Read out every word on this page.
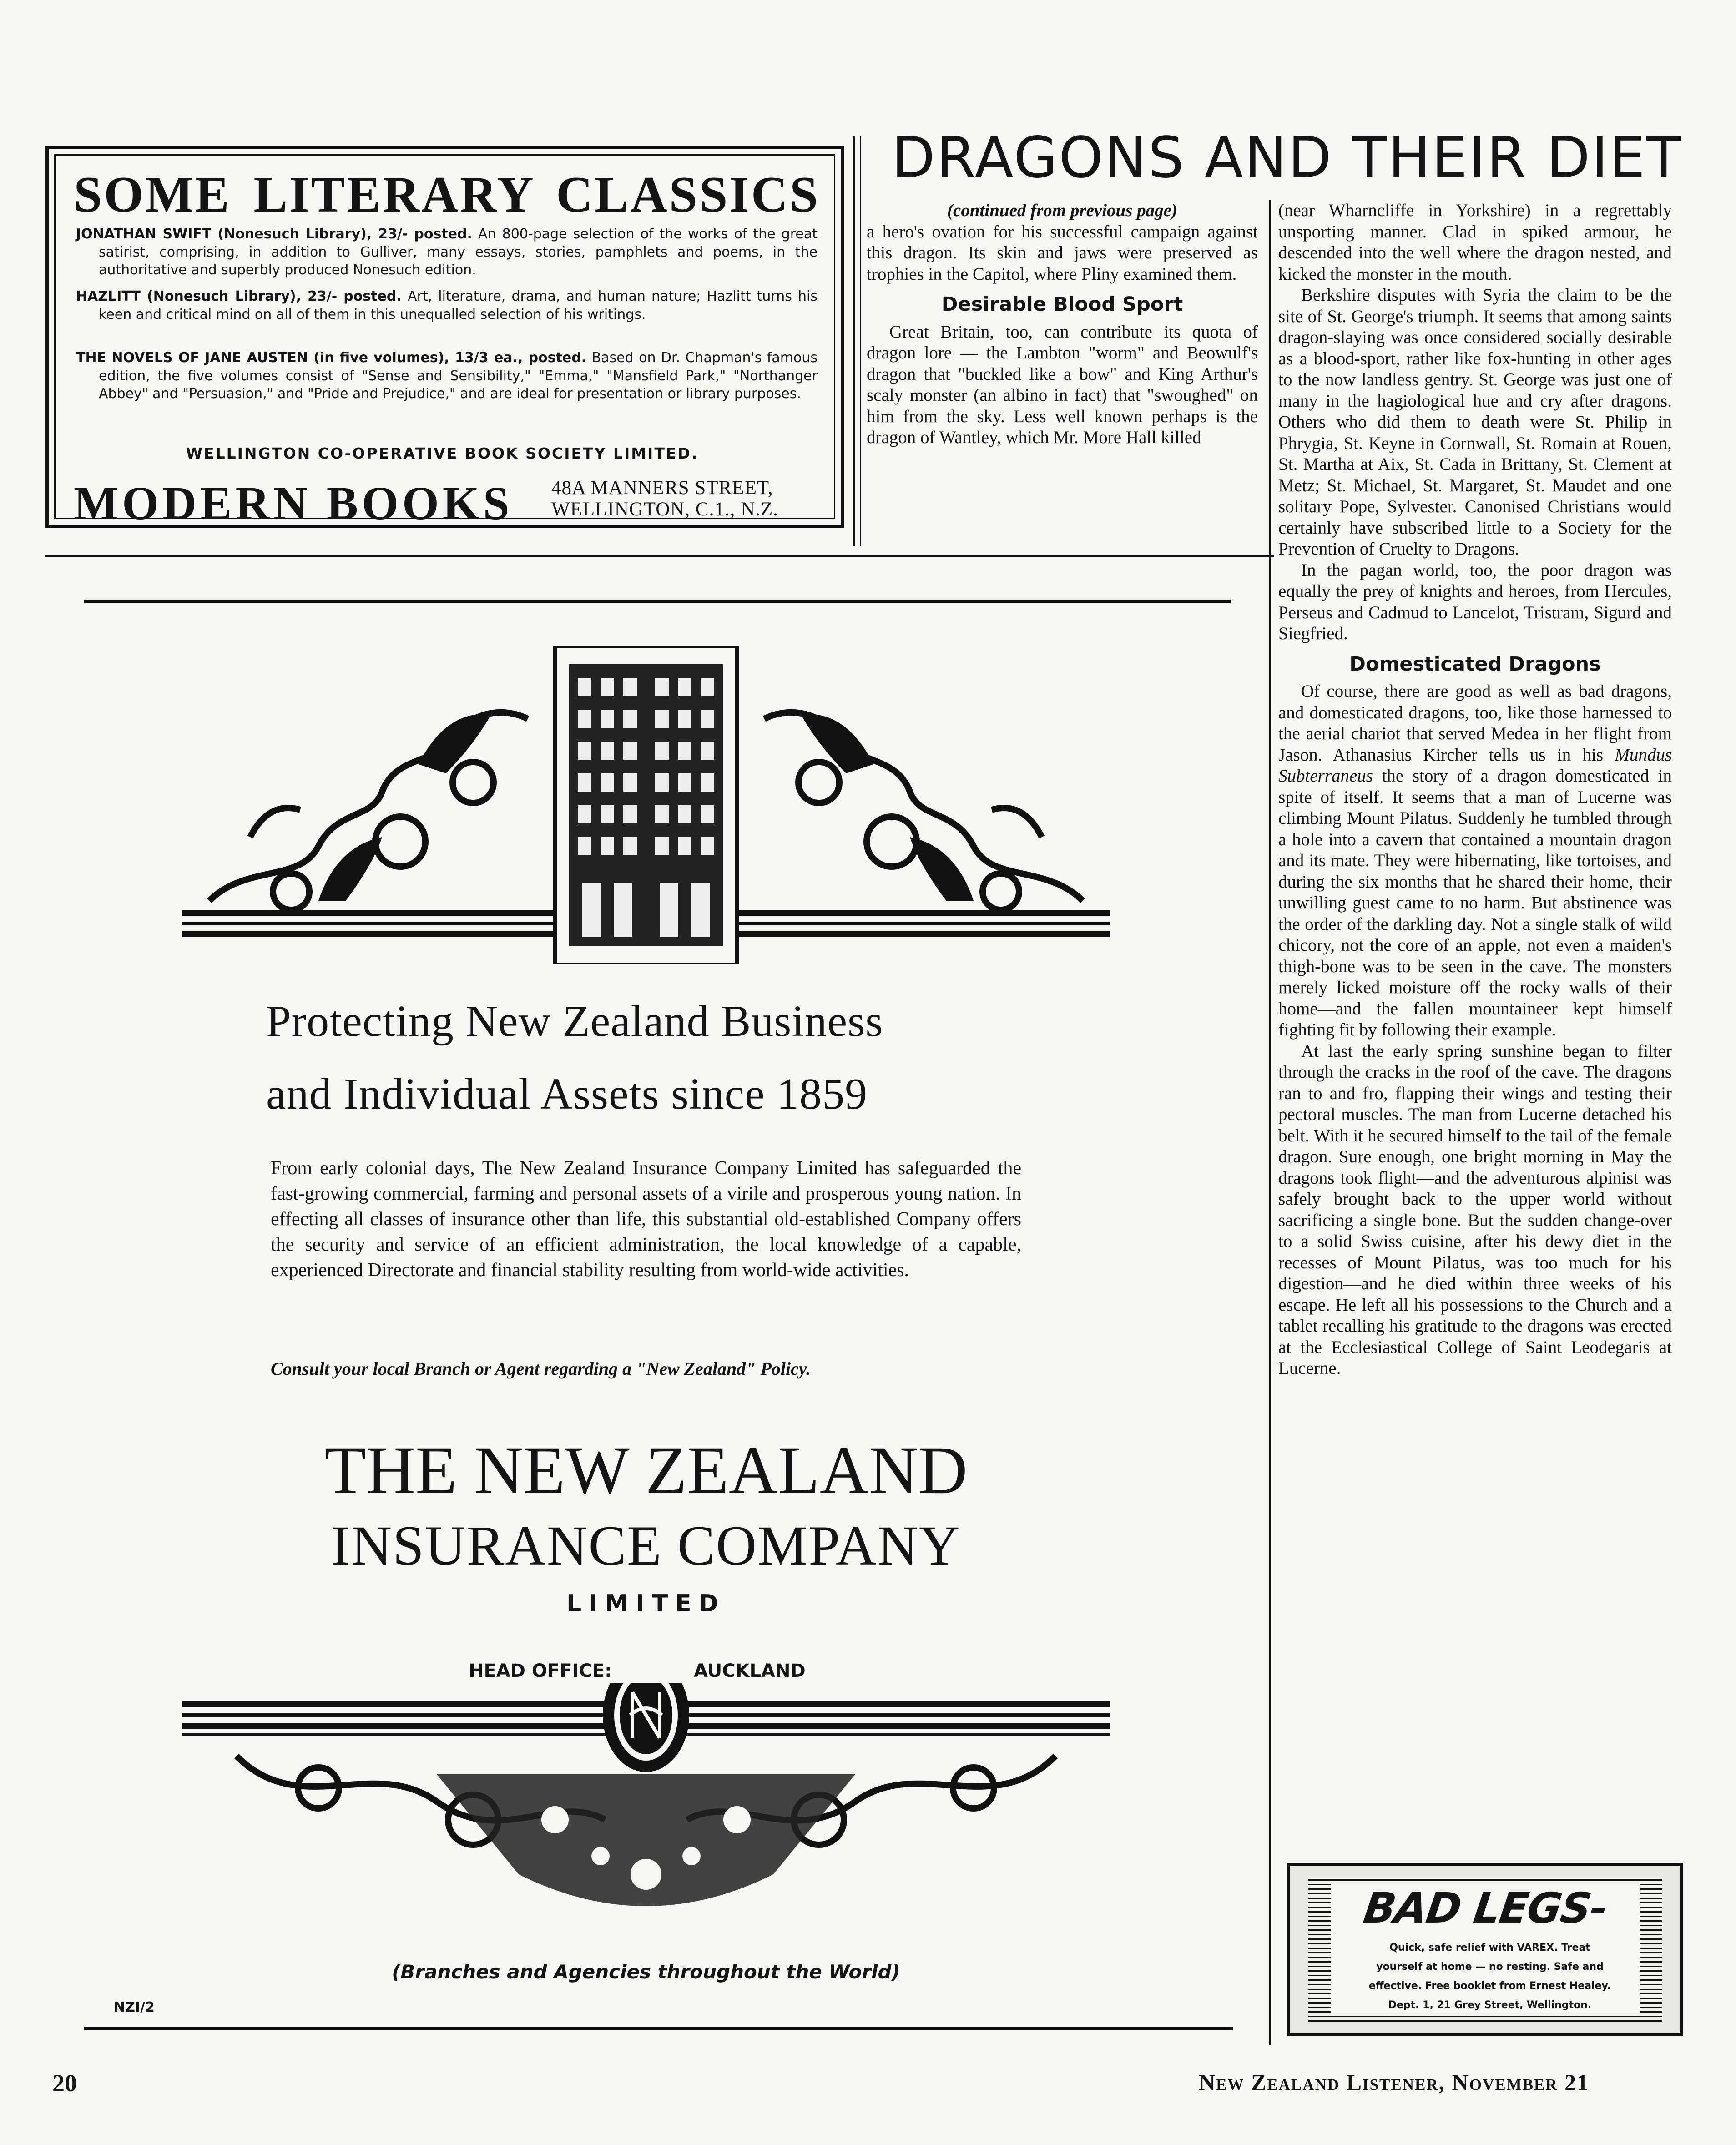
SOME LITERARY CLASSICS
JONATHAN SWIFT (Nonesuch Library), 23/- posted. An 800-page selection of the works of the great satirist, comprising, in addition to Gulliver, many essays, stories, pamphlets and poems, in the authoritative and superbly produced Nonesuch edition.
HAZLITT (Nonesuch Library), 23/- posted. Art, literature, drama, and human nature; Hazlitt turns his keen and critical mind on all of them in this unequalled selection of his writings.
THE NOVELS OF JANE AUSTEN (in five volumes), 13/3 ea., posted. Based on Dr. Chapman's famous edition, the five volumes consist of "Sense and Sensibility," "Emma," "Mansfield Park," "Northanger Abbey" and "Persuasion," and "Pride and Prejudice," and are ideal for presentation or library purposes.
WELLINGTON CO-OPERATIVE BOOK SOCIETY LIMITED.
MODERN BOOKS 48A MANNERS STREET,
WELLINGTON, C.1., N.Z.
DRAGONS AND THEIR DIET

(continued from previous page)

a hero's ovation for his successful campaign against this dragon. Its skin and jaws were preserved as trophies in the Capitol, where Pliny examined them.

Desirable Blood Sport

Great Britain, too, can contribute its quota of dragon lore — the Lambton "worm" and Beowulf's dragon that "buckled like a bow" and King Arthur's scaly monster (an albino in fact) that "swoughed" on him from the sky. Less well known perhaps is the dragon of Wantley, which Mr. More Hall killed

(near Wharncliffe in Yorkshire) in a regrettably unsporting manner. Clad in spiked armour, he descended into the well where the dragon nested, and kicked the monster in the mouth.

Berkshire disputes with Syria the claim to be the site of St. George's triumph. It seems that among saints dragon-slaying was once considered socially desirable as a blood-sport, rather like fox-hunting in other ages to the now landless gentry. St. George was just one of many in the hagiological hue and cry after dragons. Others who did them to death were St. Philip in Phrygia, St. Keyne in Cornwall, St. Romain at Rouen, St. Martha at Aix, St. Cada in Brittany, St. Clement at Metz; St. Michael, St. Margaret, St. Maudet and one solitary Pope, Sylvester. Canonised Christians would certainly have subscribed little to a Society for the Prevention of Cruelty to Dragons.

In the pagan world, too, the poor dragon was equally the prey of knights and heroes, from Hercules, Perseus and Cadmud to Lancelot, Tristram, Sigurd and Siegfried.

Domesticated Dragons

Of course, there are good as well as bad dragons, and domesticated dragons, too, like those harnessed to the aerial chariot that served Medea in her flight from Jason. Athanasius Kircher tells us in his Mundus Subterraneus the story of a dragon domesticated in spite of itself. It seems that a man of Lucerne was climbing Mount Pilatus. Suddenly he tumbled through a hole into a cavern that contained a mountain dragon and its mate. They were hibernating, like tortoises, and during the six months that he shared their home, their unwilling guest came to no harm. But abstinence was the order of the darkling day. Not a single stalk of wild chicory, not the core of an apple, not even a maiden's thigh-bone was to be seen in the cave. The monsters merely licked moisture off the rocky walls of their home—and the fallen mountaineer kept himself fighting fit by following their example.

At last the early spring sunshine began to filter through the cracks in the roof of the cave. The dragons ran to and fro, flapping their wings and testing their pectoral muscles. The man from Lucerne detached his belt. With it he secured himself to the tail of the female dragon. Sure enough, one bright morning in May the dragons took flight—and the adventurous alpinist was safely brought back to the upper world without sacrificing a single bone. But the sudden change-over to a solid Swiss cuisine, after his dewy diet in the recesses of Mount Pilatus, was too much for his digestion—and he died within three weeks of his escape. He left all his possessions to the Church and a tablet recalling his gratitude to the dragons was erected at the Ecclesiastical College of Saint Leodegaris at Lucerne.

Protecting New Zealand Business
and Individual Assets since 1859
From early colonial days, The New Zealand Insurance Company Limited has safeguarded the fast-growing commercial, farming and personal assets of a virile and prosperous young nation. In effecting all classes of insurance other than life, this substantial old-established Company offers the security and service of an efficient administration, the local knowledge of a capable, experienced Directorate and financial stability resulting from world-wide activities.
Consult your local Branch or Agent regarding a "New Zealand" Policy.
THE NEW ZEALAND
INSURANCE COMPANY
LIMITED
HEAD OFFICE:	AUCKLAND
(Branches and Agencies throughout the World)
NZI/2
BAD LEGS-
Quick, safe relief with VAREX. Treat
yourself at home — no resting. Safe and
effective. Free booklet from Ernest Healey.
Dept. 1, 21 Grey Street, Wellington.
20	New Zealand Listener, November 21
